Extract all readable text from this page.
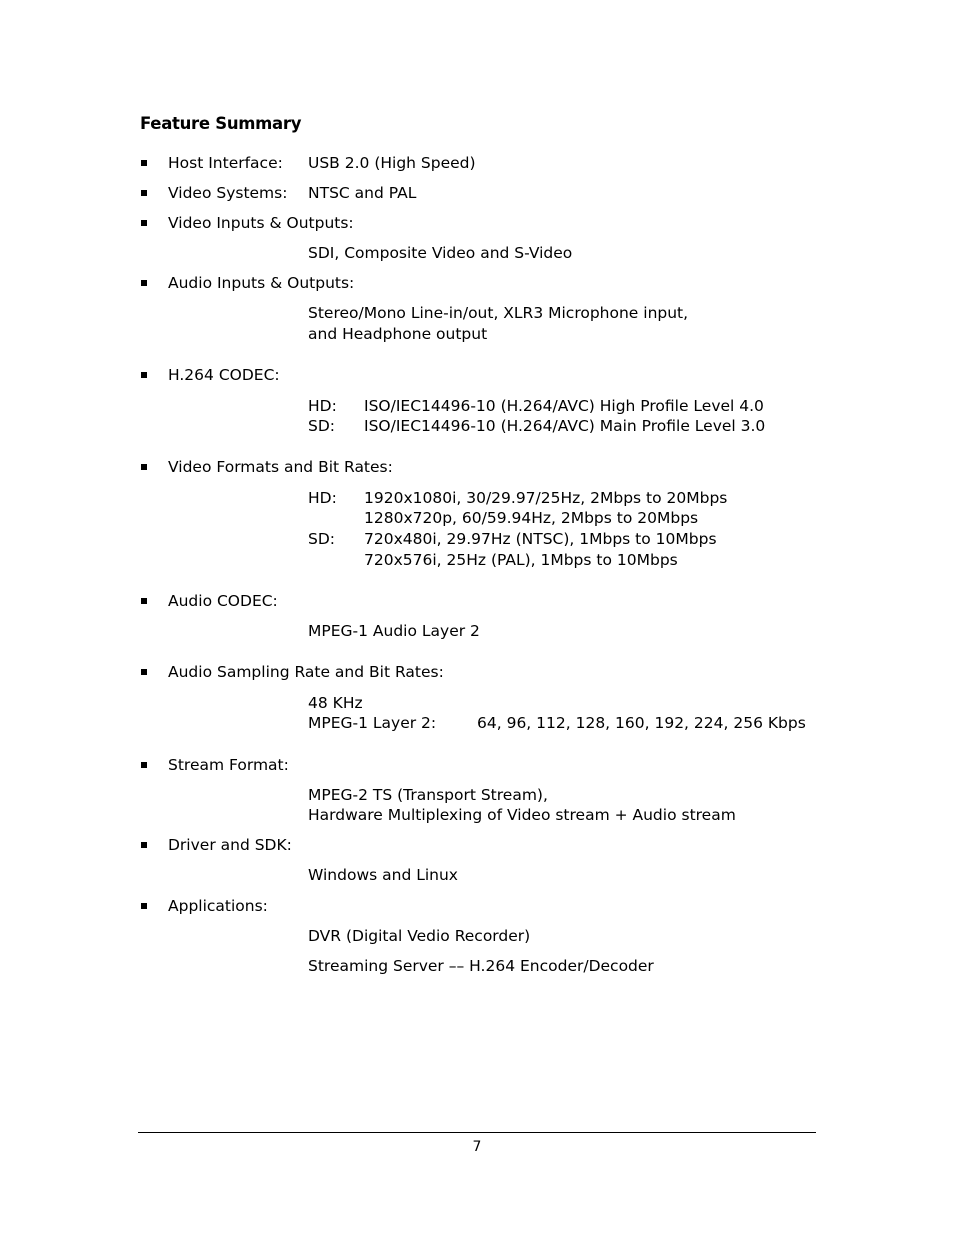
Feature Summary
Host Interface: USB 2.0 (High Speed)
Video Systems: NTSC and PAL
Video Inputs & Outputs:
SDI, Composite Video and S-Video
Audio Inputs & Outputs:
Stereo/Mono Line-in/out, XLR3 Microphone input,
and Headphone output
H.264 CODEC:
HD: ISO/IEC14496-10 (H.264/AVC) High Profile Level 4.0
SD: ISO/IEC14496-10 (H.264/AVC) Main Profile Level 3.0
Video Formats and Bit Rates:
HD: 1920x1080i, 30/29.97/25Hz, 2Mbps to 20Mbps
1280x720p, 60/59.94Hz, 2Mbps to 20Mbps
SD: 720x480i, 29.97Hz (NTSC), 1Mbps to 10Mbps
720x576i, 25Hz (PAL), 1Mbps to 10Mbps
Audio CODEC:
MPEG-1 Audio Layer 2
Audio Sampling Rate and Bit Rates:
48 KHz
MPEG-1 Layer 2:	64, 96, 112, 128, 160, 192, 224, 256 Kbps
Stream Format:
MPEG-2 TS (Transport Stream),
Hardware Multiplexing of Video stream + Audio stream
Driver and SDK:
Windows and Linux
Applications:
DVR (Digital Vedio Recorder)
Streaming Server –– H.264 Encoder/Decoder
7
